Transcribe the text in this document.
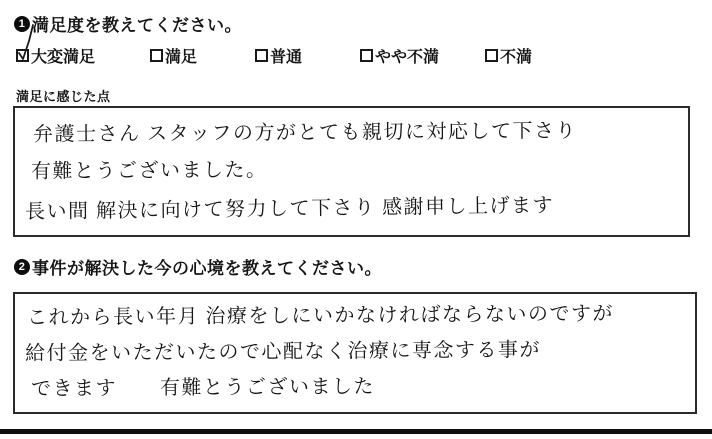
1 満足度を教えてください。
大変満足	満足	普通	やや不満	不満
満足に感じた点
弁護士さん スタッフの方がとても親切に対応して下さり
有難とうございました。
長い間 解決に向けて努力して下さり 感謝申し上げます
2 事件が解決した今の心境を教えてください。
これから長い年月 治療をしにいかなければならないのですが
給付金をいただいたので心配なく治療に専念する事が
できます　　有難とうございました
